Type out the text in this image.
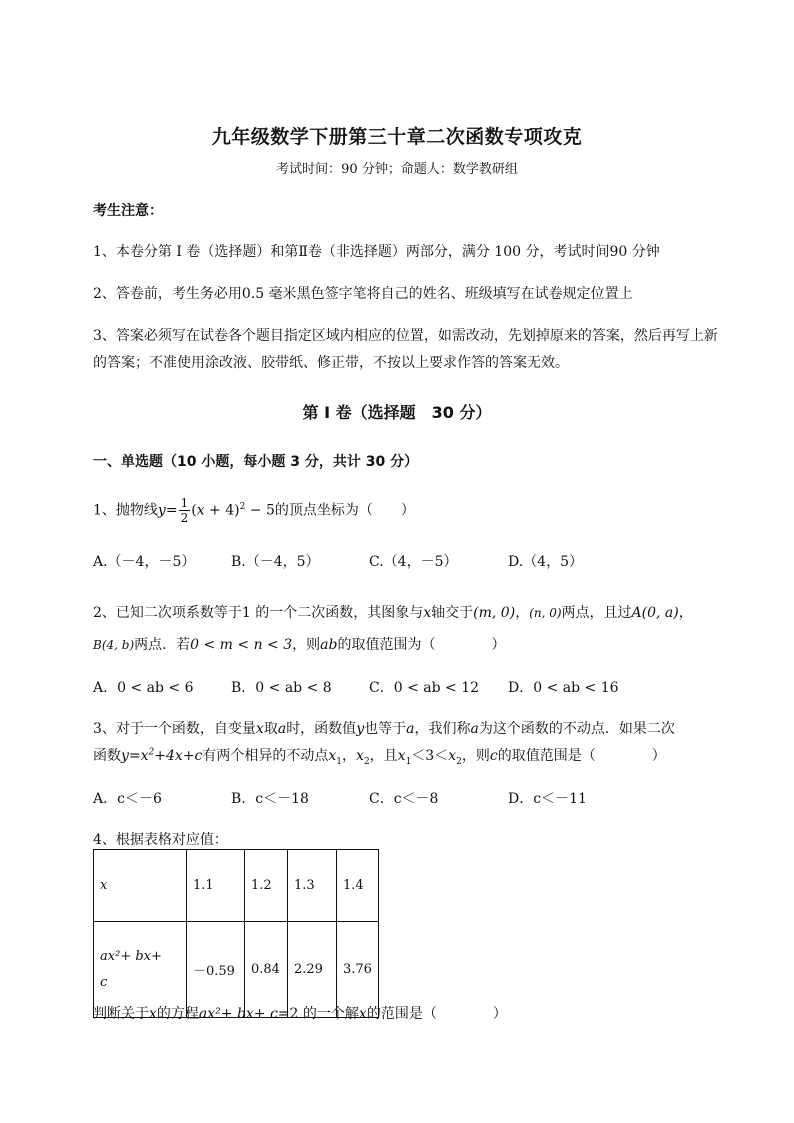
九年级数学下册第三十章二次函数专项攻克
考试时间：90 分钟；命题人：数学教研组
考生注意：
1、本卷分第 I 卷（选择题）和第Ⅱ卷（非选择题）两部分，满分 100 分，考试时间90 分钟
2、答卷前，考生务必用0.5 毫米黑色签字笔将自己的姓名、班级填写在试卷规定位置上
3、答案必须写在试卷各个题目指定区域内相应的位置，如需改动，先划掉原来的答案，然后再写上新
的答案；不准使用涂改液、胶带纸、修正带，不按以上要求作答的答案无效。
第 I 卷（选择题　30 分）
一、单选题（10 小题，每小题 3 分，共计 30 分）
1、抛物线$y= \frac{1}{2} (x + 4)^2 - 5$的顶点坐标为（　　）
A.（－4，－5）	B.（－4，5）	C.（4，－5）	D.（4，5）
2、已知二次项系数等于1 的一个二次函数，其图象与x轴交于(m, 0)，(n, 0)两点，且过A(0, a)，
B(4, b)两点．若0 < m < n < 3，则ab的取值范围为（　　　　）
A．0 < ab < 6	B．0 < ab < 8	C．0 < ab < 12 D．0 < ab < 16
3、对于一个函数，自变量x取a时，函数值y也等于a，我们称a为这个函数的不动点．如果二次
函数$y=x^2+4x+c$有两个相异的不动点$x_1$，$x_2$，且$x_1<3<x_2$，则c的取值范围是（　　　　）
A．c＜－6	B．c＜－18	C．c＜－8	D．c＜－11
4、根据表格对应值：
x	1.1	1.2	1.3	1.4

ax²+ bx+
c	－0.59	0.84	2.29	3.76
判断关于x的方程ax²+ bx+ c=2 的一个解x的范围是（　　　　）
